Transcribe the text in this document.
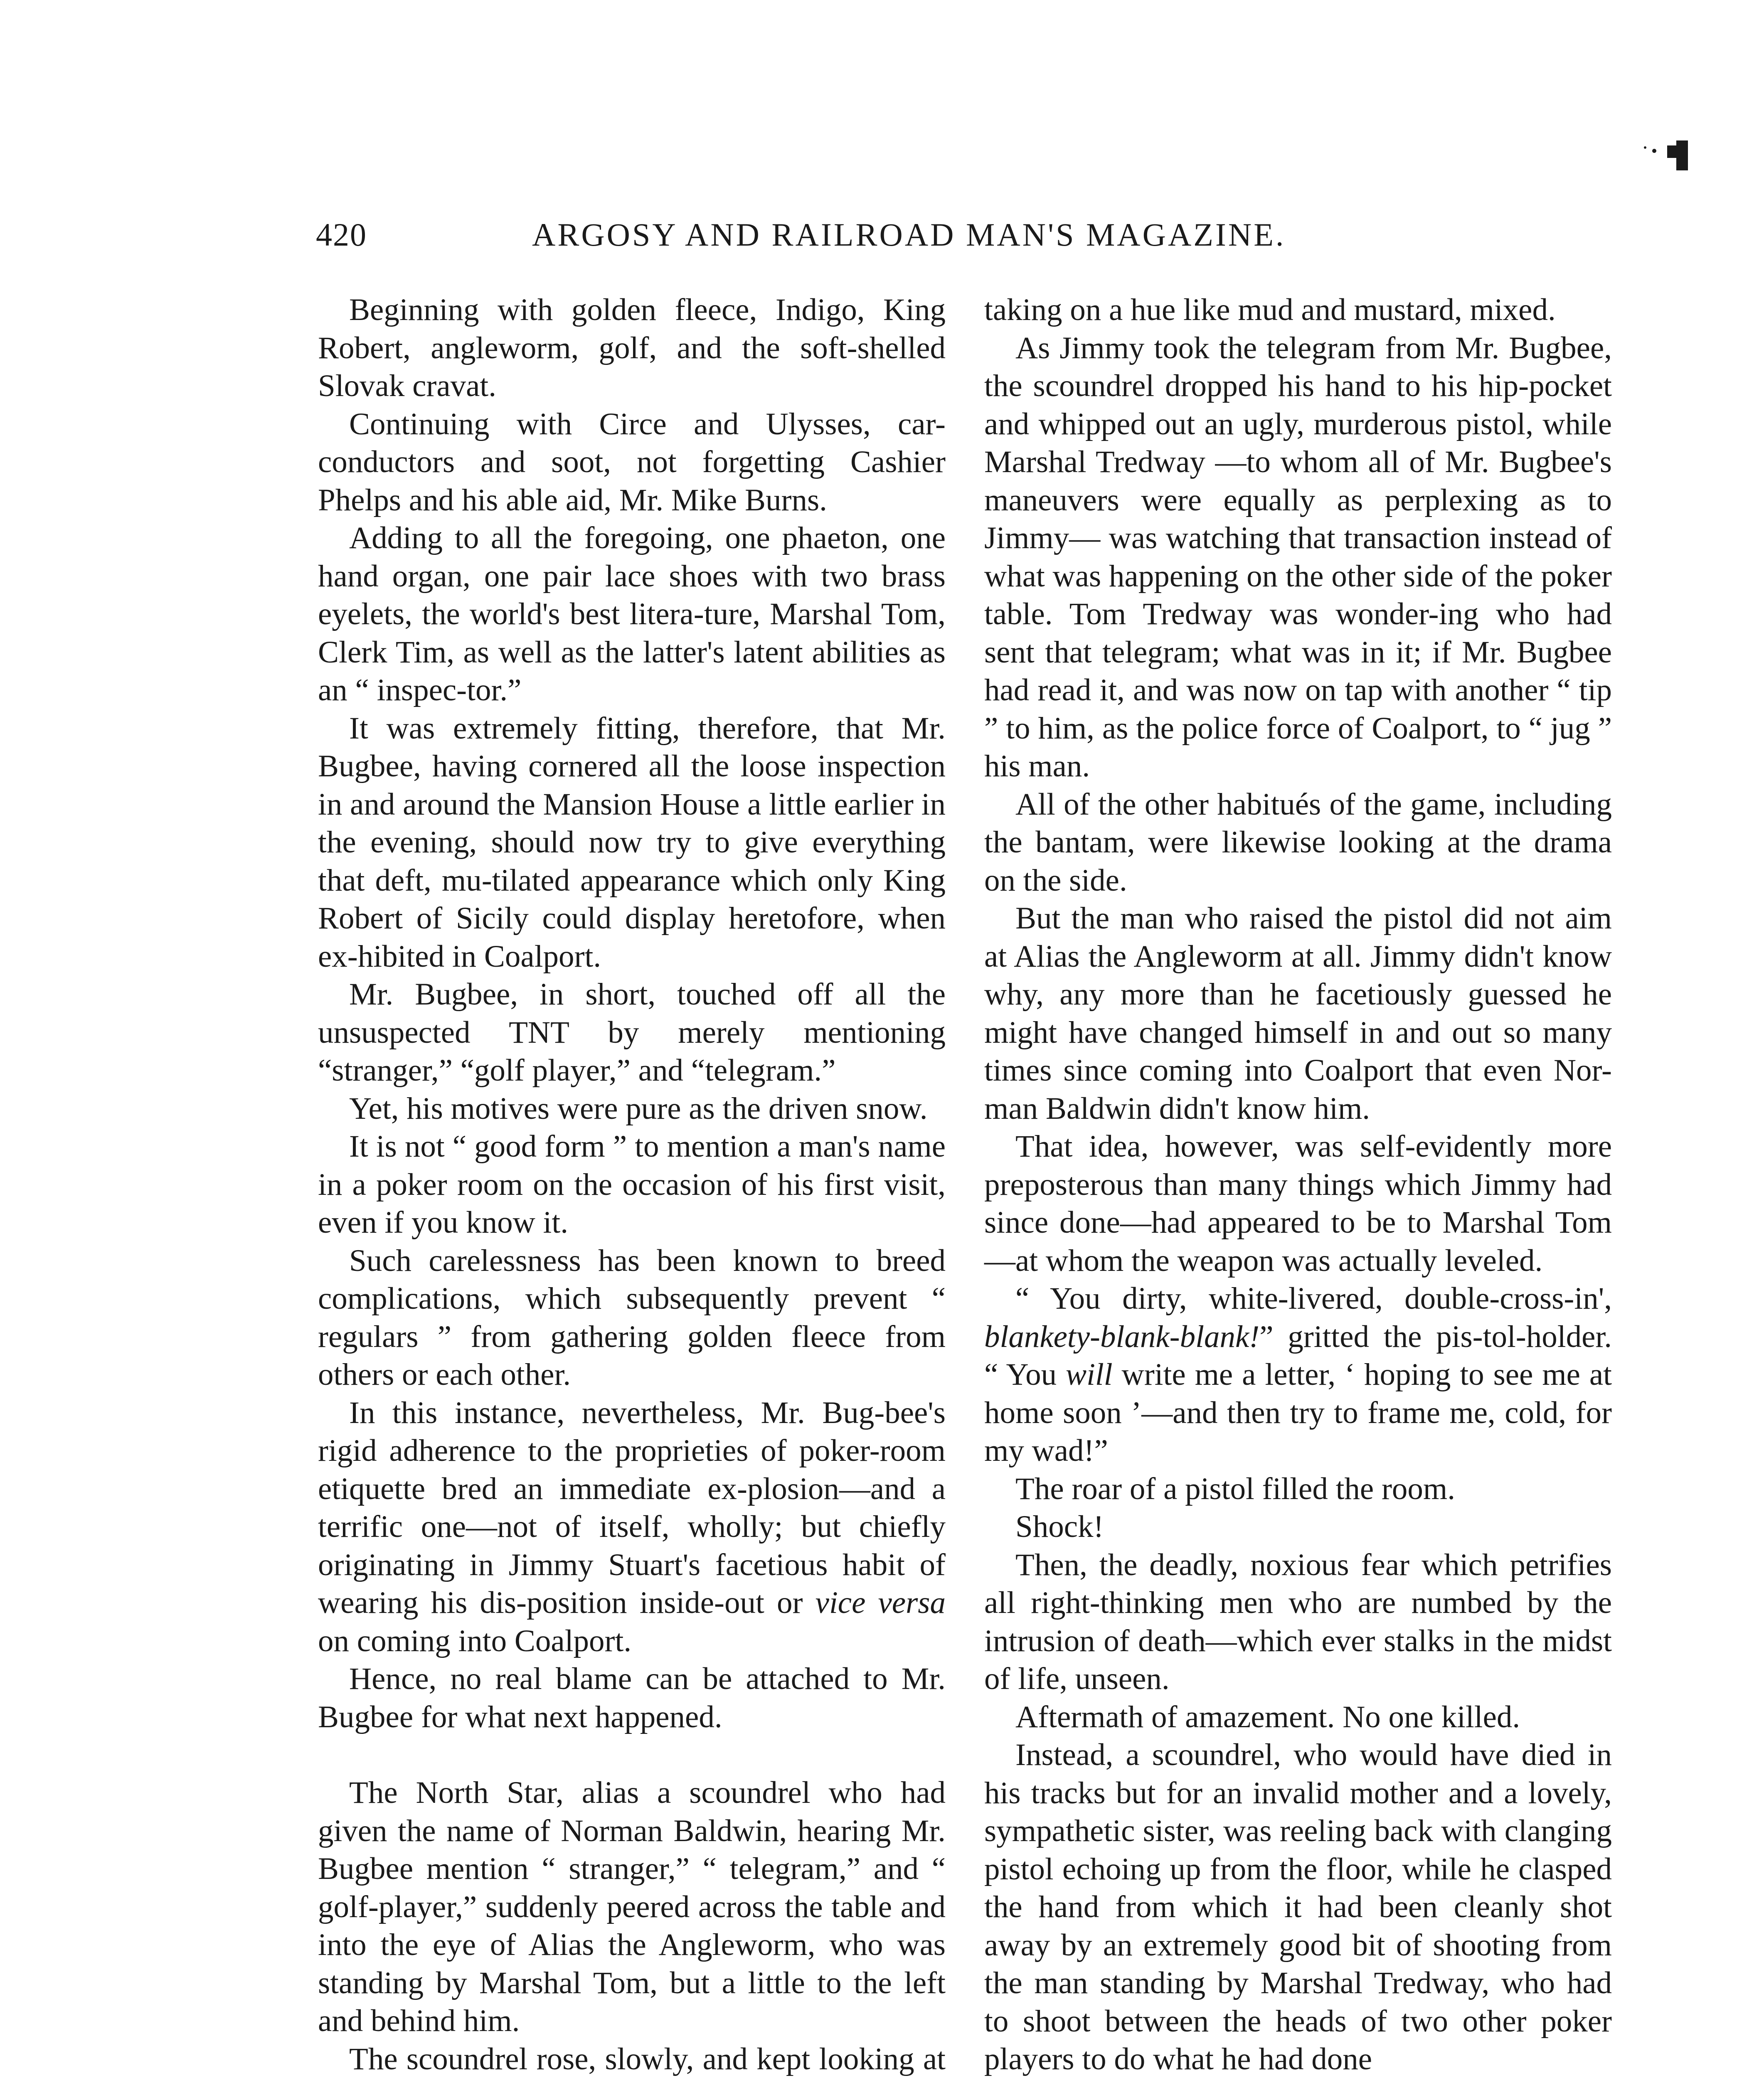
420	ARGOSY AND RAILROAD MAN'S MAGAZINE.

Beginning with golden fleece, Indigo, King Robert, angleworm, golf, and the soft-shelled Slovak cravat.

Continuing with Circe and Ulysses, car-conductors and soot, not forgetting Cashier Phelps and his able aid, Mr. Mike Burns.

Adding to all the foregoing, one phaeton, one hand organ, one pair lace shoes with two brass eyelets, the world's best litera-ture, Marshal Tom, Clerk Tim, as well as the latter's latent abilities as an “ inspec-tor.”

It was extremely fitting, therefore, that Mr. Bugbee, having cornered all the loose inspection in and around the Mansion House a little earlier in the evening, should now try to give everything that deft, mu-tilated appearance which only King Robert of Sicily could display heretofore, when ex-hibited in Coalport.

Mr. Bugbee, in short, touched off all the unsuspected TNT by merely mentioning “stranger,” “golf player,” and “telegram.”

Yet, his motives were pure as the driven snow.

It is not “ good form ” to mention a man's name in a poker room on the occasion of his first visit, even if you know it.

Such carelessness has been known to breed complications, which subsequently prevent “ regulars ” from gathering golden fleece from others or each other.

In this instance, nevertheless, Mr. Bug-bee's rigid adherence to the proprieties of poker-room etiquette bred an immediate ex-plosion—and a terrific one—not of itself, wholly; but chiefly originating in Jimmy Stuart's facetious habit of wearing his dis-position inside-out or vice versa on coming into Coalport.

Hence, no real blame can be attached to Mr. Bugbee for what next happened.

The North Star, alias a scoundrel who had given the name of Norman Baldwin, hearing Mr. Bugbee mention “ stranger,” “ telegram,” and “ golf-player,” suddenly peered across the table and into the eye of Alias the Angleworm, who was standing by Marshal Tom, but a little to the left and behind him.

The scoundrel rose, slowly, and kept looking at

taking on a hue like mud and mustard, mixed.

As Jimmy took the telegram from Mr. Bugbee, the scoundrel dropped his hand to his hip-pocket and whipped out an ugly, murderous pistol, while Marshal Tredway —to whom all of Mr. Bugbee's maneuvers were equally as perplexing as to Jimmy— was watching that transaction instead of what was happening on the other side of the poker table. Tom Tredway was wonder-ing who had sent that telegram; what was in it; if Mr. Bugbee had read it, and was now on tap with another “ tip ” to him, as the police force of Coalport, to “ jug ” his man.

All of the other habitués of the game, including the bantam, were likewise looking at the drama on the side.

But the man who raised the pistol did not aim at Alias the Angleworm at all. Jimmy didn't know why, any more than he facetiously guessed he might have changed himself in and out so many times since coming into Coalport that even Nor-man Baldwin didn't know him.

That idea, however, was self-evidently more preposterous than many things which Jimmy had since done—had appeared to be to Marshal Tom—at whom the weapon was actually leveled.

“ You dirty, white-livered, double-cross-in', blankety-blank-blank!” gritted the pis-tol-holder. “ You will write me a letter, ‘ hoping to see me at home soon ’—and then try to frame me, cold, for my wad!”

The roar of a pistol filled the room.

Shock!

Then, the deadly, noxious fear which petrifies all right-thinking men who are numbed by the intrusion of death—which ever stalks in the midst of life, unseen.

Aftermath of amazement. No one killed.

Instead, a scoundrel, who would have died in his tracks but for an invalid mother and a lovely, sympathetic sister, was reeling back with clanging pistol echoing up from the floor, while he clasped the hand from which it had been cleanly shot away by an extremely good bit of shooting from the man standing by Marshal Tredway, who had to shoot between the heads of two other poker players to do what he had done
